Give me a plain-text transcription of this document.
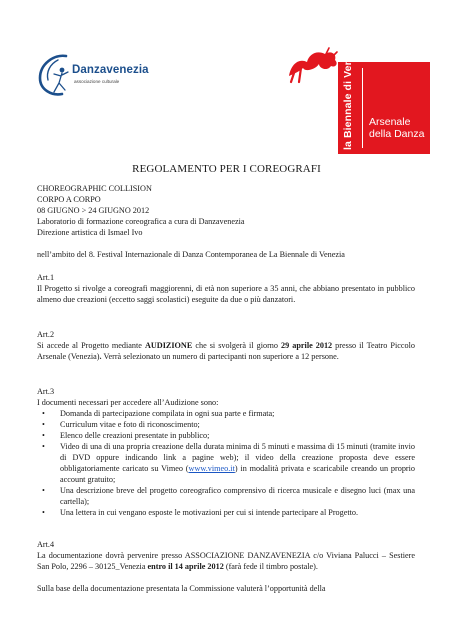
Danzavenezia
associazione culturale	la Biennale di Venezia Arsenale
della Danza
REGOLAMENTO PER I COREOGRAFI
CHOREOGRAPHIC COLLISION
CORPO A CORPO
08 GIUGNO > 24 GIUGNO 2012
Laboratorio di formazione coreografica a cura di Danzavenezia
Direzione artistica di Ismael Ivo
nell’ambito del 8. Festival Internazionale di Danza Contemporanea de La Biennale di Venezia
Art.1
Il Progetto si rivolge a coreografi maggiorenni, di età non superiore a 35 anni, che abbiano presentato in pubblico almeno due creazioni (eccetto saggi scolastici) eseguite da due o più danzatori.
Art.2
Si accede al Progetto mediante AUDIZIONE che si svolgerà il giorno 29 aprile 2012 presso il Teatro Piccolo Arsenale (Venezia). Verrà selezionato un numero di partecipanti non superiore a 12 persone.
Art.3
I documenti necessari per accedere all’Audizione sono:
• Domanda di partecipazione compilata in ogni sua parte e firmata;
• Curriculum vitae e foto di riconoscimento;
• Elenco delle creazioni presentate in pubblico;
• Video di una di una propria creazione della durata minima di 5 minuti e massima di 15 minuti (tramite invio di DVD oppure indicando link a pagine web); il video della creazione proposta deve essere obbligatoriamente caricato su Vimeo (www.vimeo.it) in modalità privata e scaricabile creando un proprio account gratuito;
• Una descrizione breve del progetto coreografico comprensivo di ricerca musicale e disegno luci (max una cartella);
• Una lettera in cui vengano esposte le motivazioni per cui si intende partecipare al Progetto.
Art.4
La documentazione dovrà pervenire presso ASSOCIAZIONE DANZAVENEZIA c/o Viviana Palucci – Sestiere San Polo, 2296 – 30125_Venezia entro il 14 aprile 2012 (farà fede il timbro postale).
Sulla base della documentazione presentata la Commissione valuterà l’opportunità della
